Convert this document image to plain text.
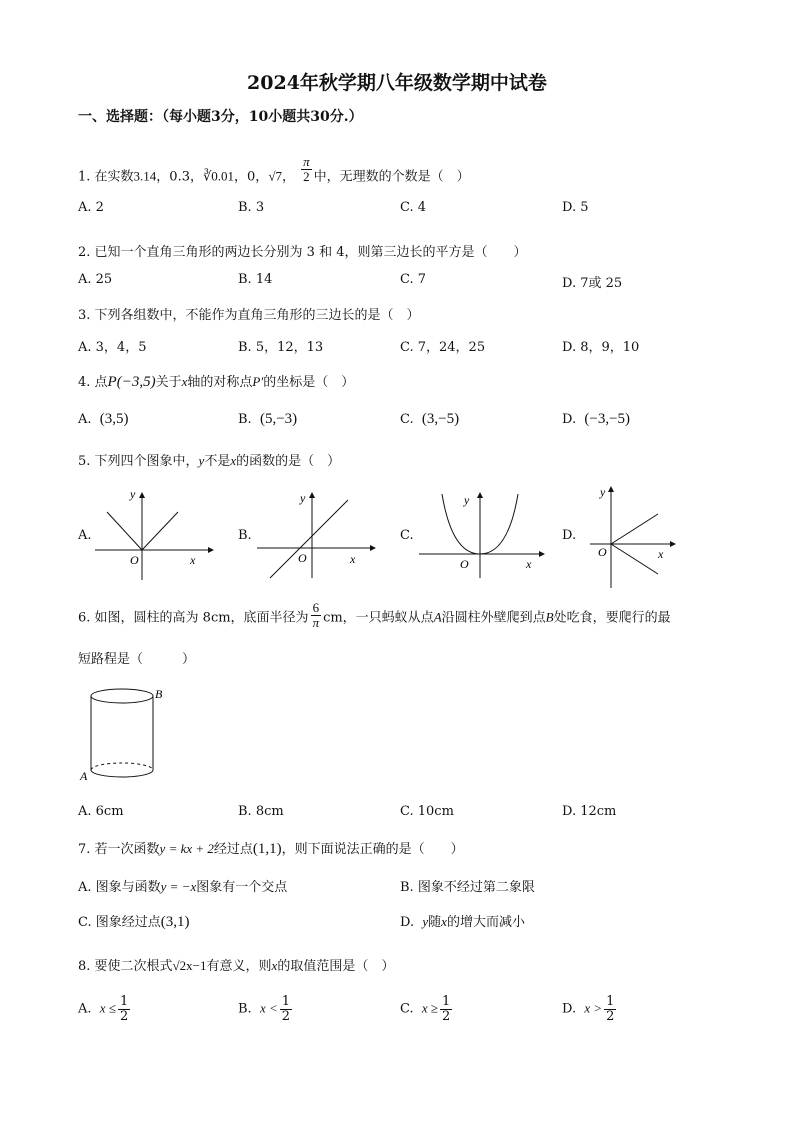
2024年秋学期八年级数学期中试卷
一、选择题：（每小题3分，10小题共30分.）
1. 在实数3.14，0.3，∛0.01，0，√7， $\frac{\pi}{2}$ 中，无理数的个数是（　）
A. 2	B. 3	C. 4	D. 5
2. 已知一个直角三角形的两边长分别为 3 和 4，则第三边长的平方是（　　）
A. 25	B. 14	C. 7	D. 7或 25
3. 下列各组数中，不能作为直角三角形的三边长的是（　）
A. 3，4，5	B. 5，12，13	C. 7，24，25	D. 8，9，10
4. 点P(−3,5)关于x轴的对称点P′的坐标是（　）
A. (3,5)	B. (5,−3)	C. (3,−5)	D. (−3,−5)
5. 下列四个图象中，y不是x的函数的是（　）
A.
y
x
O
B.
y
x
O
C.
y
x
O
D.
y
x
O
6. 如图，圆柱的高为 8cm，底面半径为 $\frac{6}{\pi}$ cm，一只蚂蚁从点A沿圆柱外壁爬到点B处吃食，要爬行的最
短路程是（　　　）
B
A
A. 6cm	B. 8cm	C. 10cm	D. 12cm
7. 若一次函数y = kx + 2经过点(1,1)，则下面说法正确的是（　　）
A. 图象与函数y = −x图象有一个交点	B. 图象不经过第二象限
C. 图象经过点(3,1)	D. y随x的增大而减小
8. 要使二次根式√2x−1有意义，则x的取值范围是（　）
A. $x \le \frac{1}{2}$	B. $x < \frac{1}{2}$	C. $x \ge \frac{1}{2}$	D. $x > \frac{1}{2}$
